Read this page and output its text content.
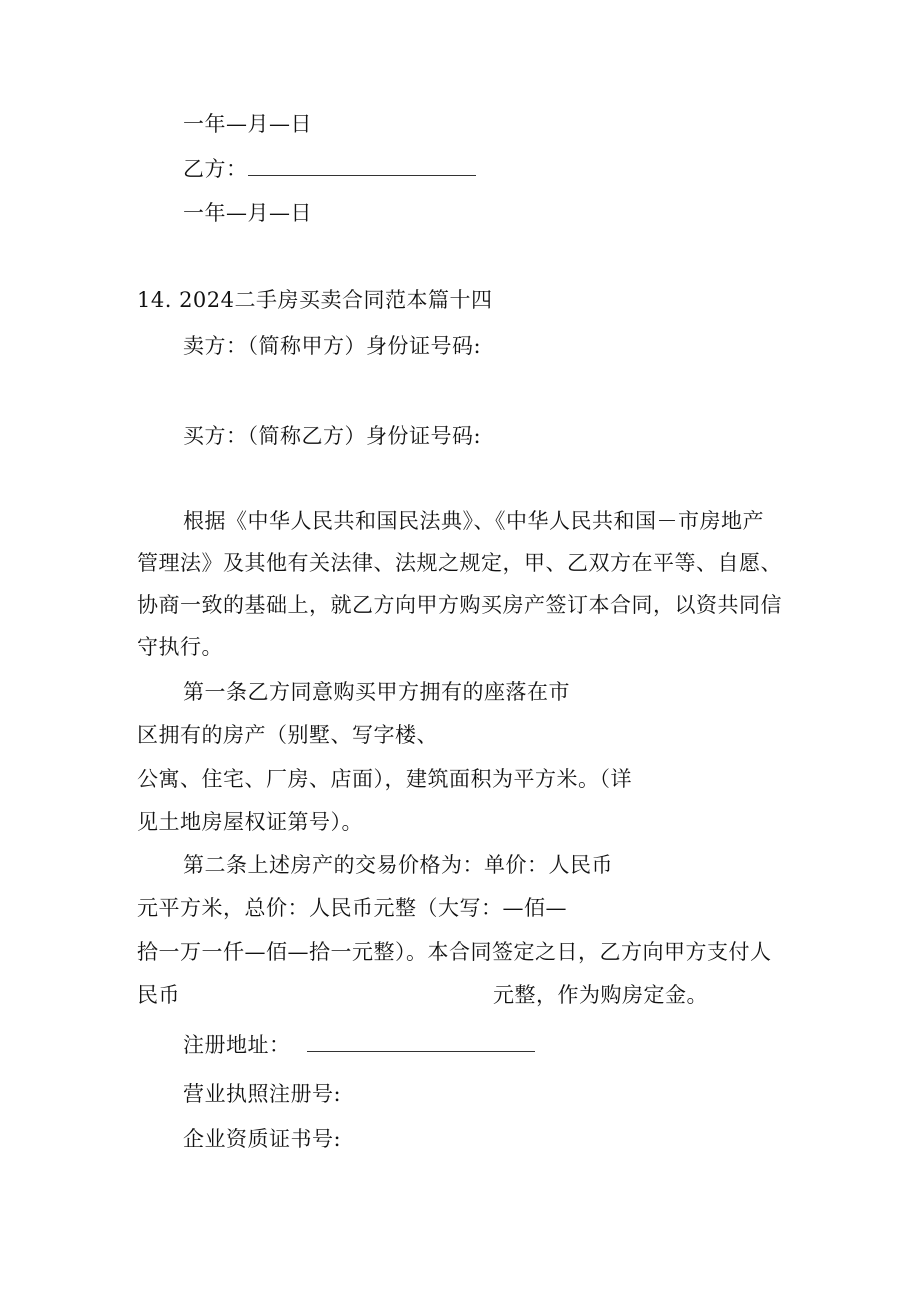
一年—月—日
乙方：
一年—月—日
14. 2024二手房买卖合同范本篇十四
卖方：（简称甲方）身份证号码:
买方：（简称乙方）身份证号码:
根据《中华人民共和国民法典》、《中华人民共和国－市房地产
管理法》及其他有关法律、法规之规定，甲、乙双方在平等、自愿、
协商一致的基础上，就乙方向甲方购买房产签订本合同，以资共同信
守执行。
第一条乙方同意购买甲方拥有的座落在市
区拥有的房产（别墅、写字楼、
公寓、住宅、厂房、店面），建筑面积为平方米。（详
见土地房屋权证第号）。
第二条上述房产的交易价格为：单价：人民币
元平方米，总价：人民币元整（大写：—佰—
拾一万一仟—佰—拾一元整）。本合同签定之日，乙方向甲方支付人
民币	元整，作为购房定金。
注册地址：
营业执照注册号:
企业资质证书号:
